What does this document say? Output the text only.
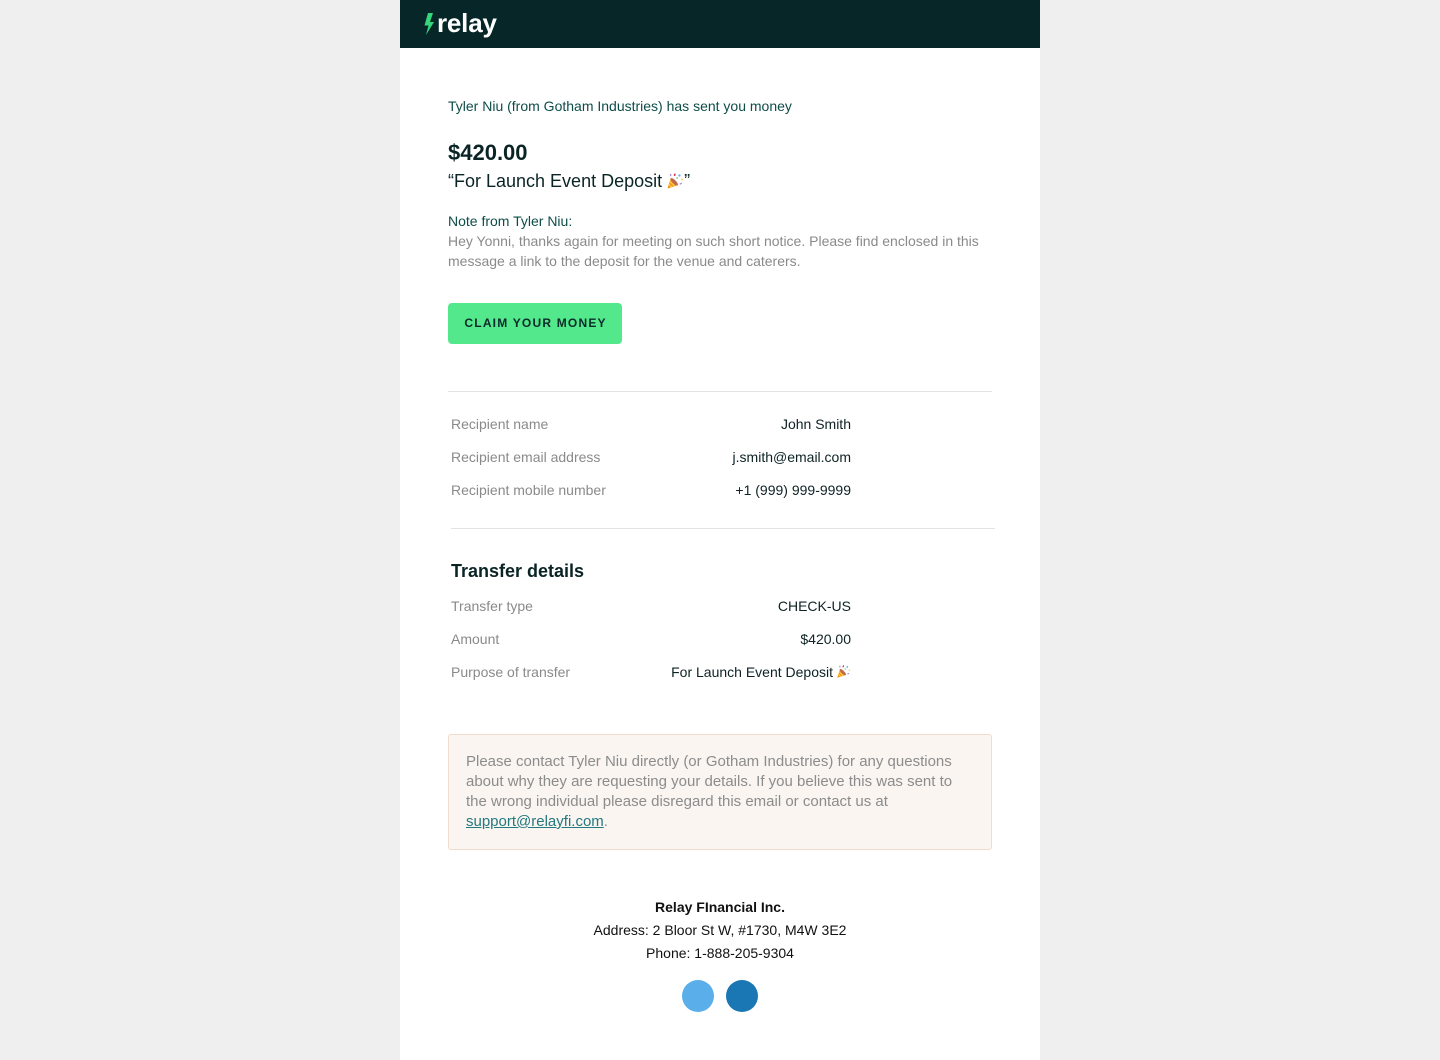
relay

Tyler Niu (from Gotham Industries) has sent you money

$420.00
“For Launch Event Deposit ”

Note from Tyler Niu:

Hey Yonni, thanks again for meeting on such short notice. Please find enclosed in this message a link to the deposit for the venue and caterers.

CLAIM YOUR MONEY
Recipient name	John Smith
Recipient email address	j.smith@email.com
Recipient mobile number	+1 (999) 999-9999
Transfer details
Transfer type	CHECK-US
Amount	$420.00
Purpose of transfer	For Launch Event Deposit

Please contact Tyler Niu directly (or Gotham Industries) for any questions about why they are requesting your details. If you believe this was sent to the wrong individual please disregard this email or contact us at support@relayfi.com.

Relay FInancial Inc.

Address: 2 Bloor St W, #1730, M4W 3E2

Phone: 1-888-205-9304
